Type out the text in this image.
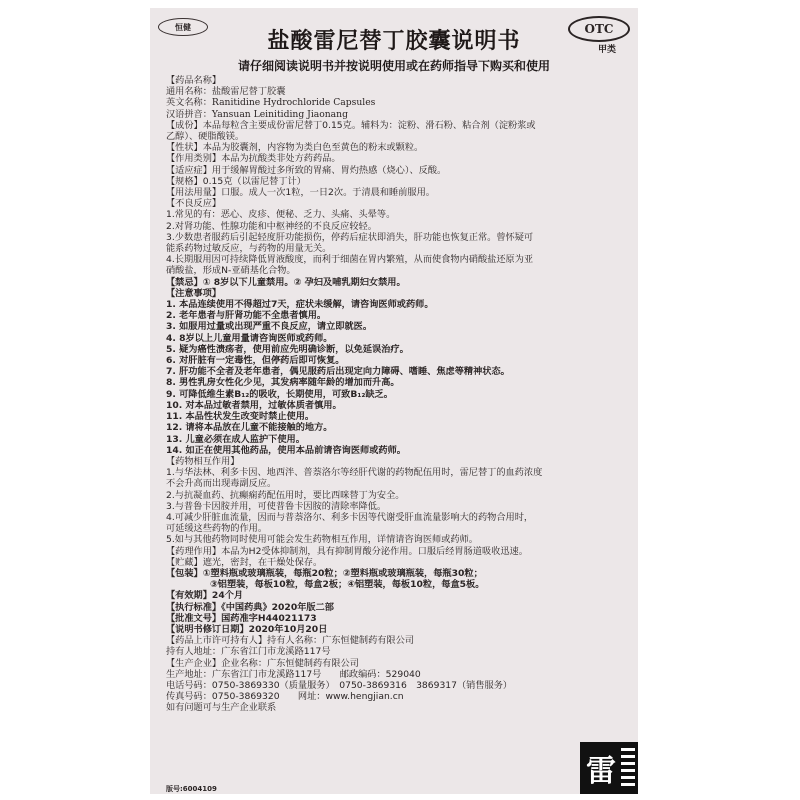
恒健
盐酸雷尼替丁胶囊说明书	OTC
甲类
请仔细阅读说明书并按说明使用或在药师指导下购买和使用
【药品名称】
通用名称：盐酸雷尼替丁胶囊
英文名称：Ranitidine Hydrochloride Capsules
汉语拼音：Yansuan Leinitiding Jiaonang
【成份】本品每粒含主要成份雷尼替丁0.15克。辅料为：淀粉、滑石粉、粘合剂（淀粉浆或
乙醇）、硬脂酸镁。
【性状】本品为胶囊剂，内容物为类白色至黄色的粉末或颗粒。
【作用类别】本品为抗酸类非处方药药品。
【适应症】用于缓解胃酸过多所致的胃痛、胃灼热感（烧心）、反酸。
【规格】0.15克（以雷尼替丁计）
【用法用量】口服。成人一次1粒，一日2次。于清晨和睡前服用。
【不良反应】
1.常见的有：恶心、皮疹、便秘、乏力、头痛、头晕等。
2.对肾功能、性腺功能和中枢神经的不良反应较轻。
3.少数患者服药后引起轻度肝功能损伤，停药后症状即消失，肝功能也恢复正常。曾怀疑可
能系药物过敏反应，与药物的用量无关。
4.长期服用因可持续降低胃液酸度，而利于细菌在胃内繁殖，从而使食物内硝酸盐还原为亚
硝酸盐，形成N-亚硝基化合物。
【禁忌】① 8岁以下儿童禁用。② 孕妇及哺乳期妇女禁用。
【注意事项】
1. 本品连续使用不得超过7天，症状未缓解，请咨询医师或药师。
2. 老年患者与肝肾功能不全患者慎用。
3. 如服用过量或出现严重不良反应，请立即就医。
4. 8岁以上儿童用量请咨询医师或药师。
5. 疑为癌性溃疡者，使用前应先明确诊断，以免延误治疗。
6. 对肝脏有一定毒性，但停药后即可恢复。
7. 肝功能不全者及老年患者，偶见服药后出现定向力障碍、嗜睡、焦虑等精神状态。
8. 男性乳房女性化少见，其发病率随年龄的增加而升高。
9. 可降低维生素B₁₂的吸收，长期使用，可致B₁₂缺乏。
10. 对本品过敏者禁用，过敏体质者慎用。
11. 本品性状发生改变时禁止使用。
12. 请将本品放在儿童不能接触的地方。
13. 儿童必须在成人监护下使用。
14. 如正在使用其他药品，使用本品前请咨询医师或药师。
【药物相互作用】
1.与华法林、利多卡因、地西泮、普萘洛尔等经肝代谢的药物配伍用时，雷尼替丁的血药浓度
不会升高而出现毒副反应。
2.与抗凝血药、抗癫痫药配伍用时，要比西咪替丁为安全。
3.与普鲁卡因胺并用，可使普鲁卡因胺的清除率降低。
4.可减少肝脏血流量，因而与普萘洛尔、利多卡因等代谢受肝血流量影响大的药物合用时，
可延缓这些药物的作用。
5.如与其他药物同时使用可能会发生药物相互作用，详情请咨询医师或药师。
【药理作用】本品为H2受体抑制剂，具有抑制胃酸分泌作用。口服后经胃肠道吸收迅速。
【贮藏】遮光，密封，在干燥处保存。
【包装】①塑料瓶或玻璃瓶装，每瓶20粒；②塑料瓶或玻璃瓶装，每瓶30粒；
③铝塑装，每板10粒，每盒2板；④铝塑装，每板10粒，每盒5板。
【有效期】24个月
【执行标准】《中国药典》2020年版二部
【批准文号】国药准字H44021173
【说明书修订日期】2020年10月20日
【药品上市许可持有人】持有人名称：广东恒健制药有限公司
持有人地址：广东省江门市龙溪路117号
【生产企业】企业名称：广东恒健制药有限公司
生产地址：广东省江门市龙溪路117号　　邮政编码：529040
电话号码：0750-3869330（质量服务）　0750-3869316　3869317（销售服务）
传真号码：0750-3869320　　网址：www.hengjian.cn
如有问题可与生产企业联系
雷
版号:6004109
